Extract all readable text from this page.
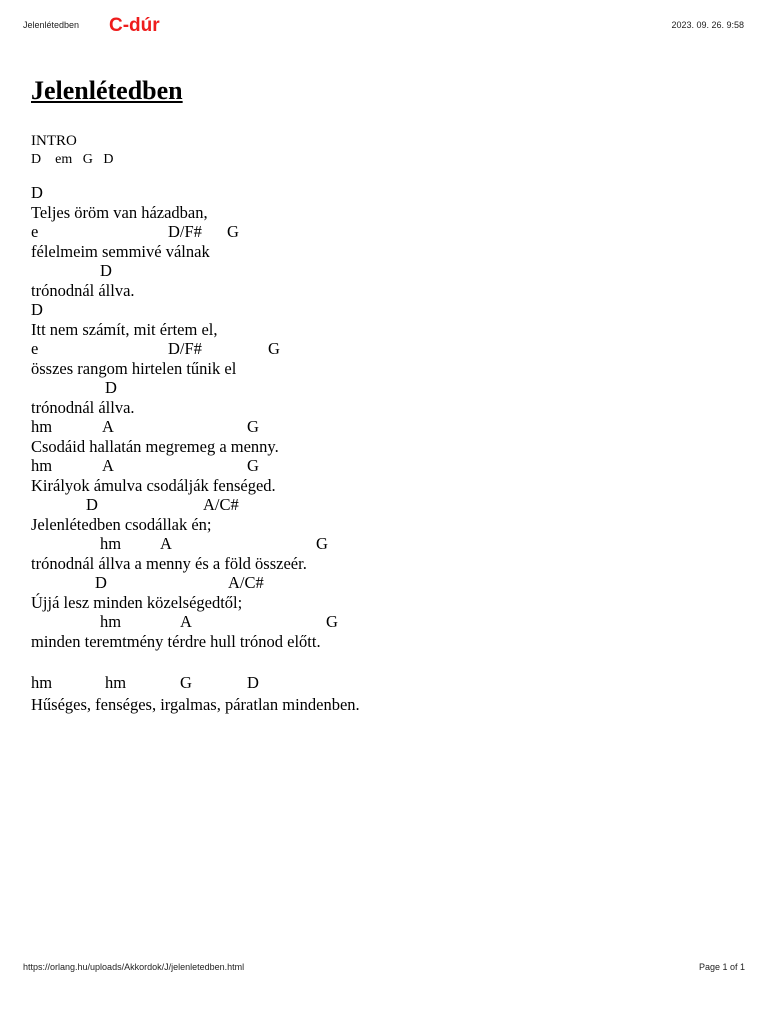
Jelenlétedben C-dúr	2023. 09. 26. 9:58
Jelenlétedben
INTRO
D    em   G   D
D
Teljes öröm van házadban,
e	D/F# G
félelmeim semmivé válnak
D
trónodnál állva.
D
Itt nem számít, mit értem el,
e	D/F#	G
összes rangom hirtelen tűnik el
D
trónodnál állva.
hm	A	G
Csodáid hallatán megremeg a menny.
hm	A	G
Királyok ámulva csodálják fenséged.
D	A/C#
Jelenlétedben csodállak én;
hm A	G
trónodnál állva a menny és a föld összeér.
D	A/C#
Újjá lesz minden közelségedtől;
hm	A	G
minden teremtmény térdre hull trónod előtt.
hm	hm	G	D
Hűséges, fenséges, irgalmas, páratlan mindenben.
https://orlang.hu/uploads/Akkordok/J/jelenletedben.html	Page 1 of 1
